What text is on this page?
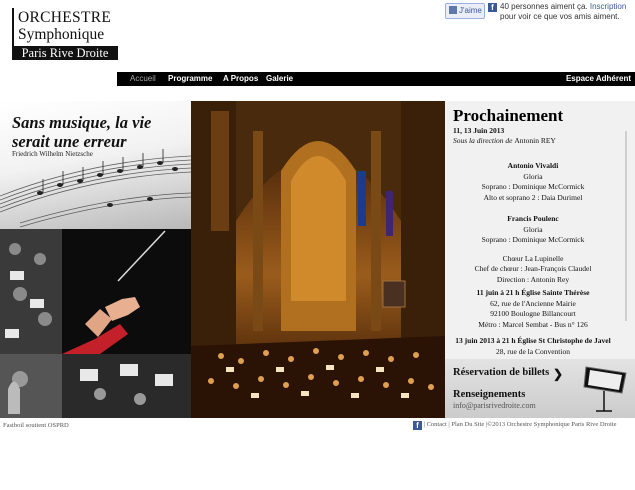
ORCHESTRE
Symphonique
Paris Rive Droite
J'aime	f 40 personnes aiment ça. Inscription
pour voir ce que vos amis aiment.
Accueil Programme A Propos Galerie	Espace Adhérent
Sans musique, la vie serait une erreur
Friedrich Wilhelm Nietzsche
Prochainement
11, 13 Juin 2013
Sous la direction de Antonin REY
Antonio Vivaldi
Gloria
Soprano : Dominique McCormick
Alto et soprano 2 : Daia Durimel
Francis Poulenc
Gloria
Soprano : Dominique McCormick
Chœur La Lupinelle
Chef de chœur : Jean-François Claudel
Direction : Antonin Rey
11 juin à 21 h Église Sainte Thérèse
62, rue de l'Ancienne Mairie
92100 Boulogne Billancourt
Métro : Marcel Sembat - Bus n° 126
13 juin 2013 à 21 h Église St Christophe de Javel
28, rue de la Convention
Réservation de billets ❯
Renseignements
info@parisrivedroite.com
Fastboil soutient OSPRD	f | Contact | Plan Du Site |©2013 Orchestre Symphonique Paris Rive Droite
